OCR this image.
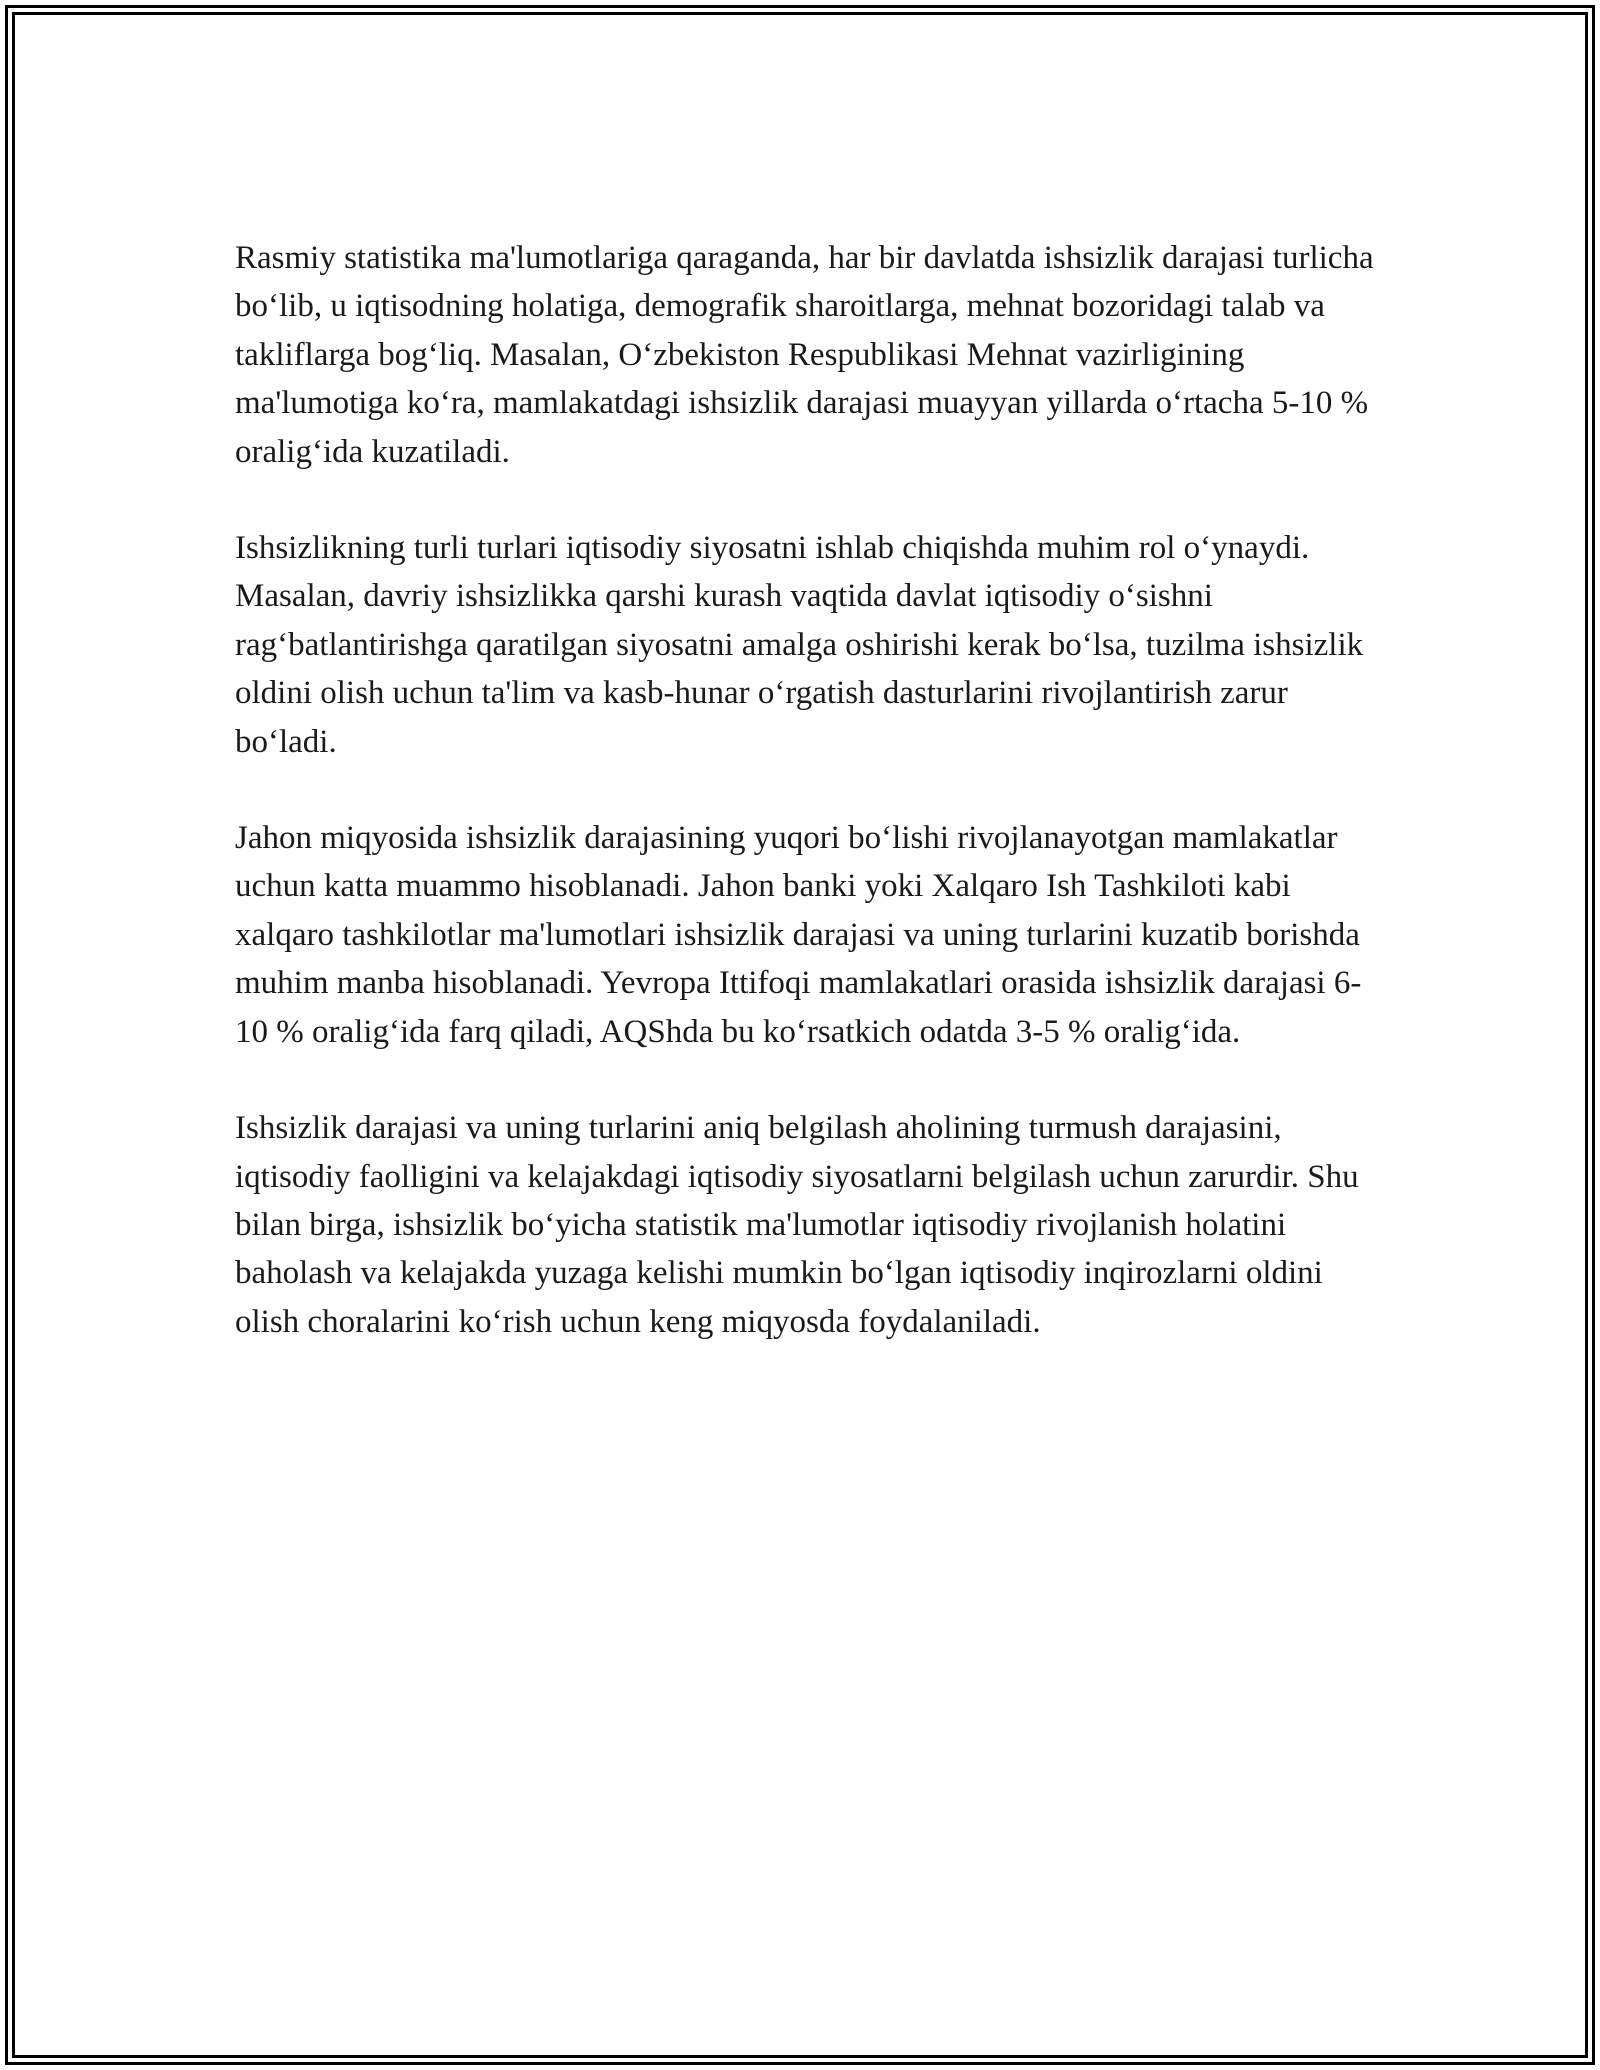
Rasmiy statistika ma'lumotlariga qaraganda, har bir davlatda ishsizlik darajasi turlicha bo‘lib, u iqtisodning holatiga, demografik sharoitlarga, mehnat bozoridagi talab va takliflarga bog‘liq. Masalan, O‘zbekiston Respublikasi Mehnat vazirligining ma'lumotiga ko‘ra, mamlakatdagi ishsizlik darajasi muayyan yillarda o‘rtacha 5-10 % oralig‘ida kuzatiladi.

Ishsizlikning turli turlari iqtisodiy siyosatni ishlab chiqishda muhim rol o‘ynaydi. Masalan, davriy ishsizlikka qarshi kurash vaqtida davlat iqtisodiy o‘sishni rag‘batlantirishga qaratilgan siyosatni amalga oshirishi kerak bo‘lsa, tuzilma ishsizlik oldini olish uchun ta'lim va kasb-hunar o‘rgatish dasturlarini rivojlantirish zarur bo‘ladi.

Jahon miqyosida ishsizlik darajasining yuqori bo‘lishi rivojlanayotgan mamlakatlar uchun katta muammo hisoblanadi. Jahon banki yoki Xalqaro Ish Tashkiloti kabi xalqaro tashkilotlar ma'lumotlari ishsizlik darajasi va uning turlarini kuzatib borishda muhim manba hisoblanadi. Yevropa Ittifoqi mamlakatlari orasida ishsizlik darajasi 6-10 % oralig‘ida farq qiladi, AQShda bu ko‘rsatkich odatda 3-5 % oralig‘ida.

Ishsizlik darajasi va uning turlarini aniq belgilash aholining turmush darajasini, iqtisodiy faolligini va kelajakdagi iqtisodiy siyosatlarni belgilash uchun zarurdir. Shu bilan birga, ishsizlik bo‘yicha statistik ma'lumotlar iqtisodiy rivojlanish holatini baholash va kelajakda yuzaga kelishi mumkin bo‘lgan iqtisodiy inqirozlarni oldini olish choralarini ko‘rish uchun keng miqyosda foydalaniladi.
